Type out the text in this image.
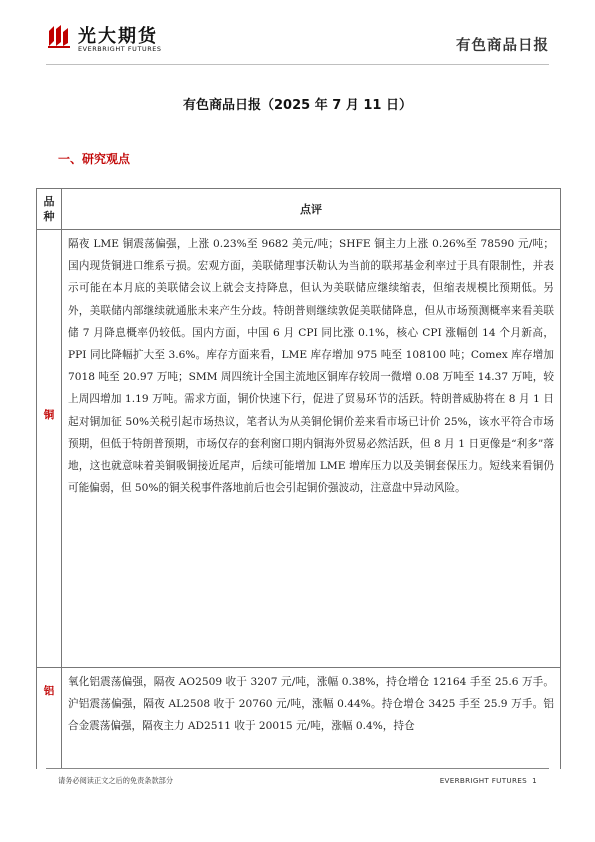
光大期货
EVERBRIGHT FUTURES	有色商品日报
有色商品日报（2025 年 7 月 11 日）
一、研究观点
品
种
点评
铜
隔夜 LME 铜震荡偏强，上涨 0.23%至 9682 美元/吨；SHFE 铜主力上涨 0.26%至 78590 元/吨；国内现货铜进口维系亏损。宏观方面，美联储理事沃勒认为当前的联邦基金利率过于具有限制性，并表示可能在本月底的美联储会议上就会支持降息，但认为美联储应继续缩表，但缩表规模比预期低。另外，美联储内部继续就通胀未来产生分歧。特朗普则继续敦促美联储降息，但从市场预测概率来看美联储 7 月降息概率仍较低。国内方面，中国 6 月 CPI 同比涨 0.1%，核心 CPI 涨幅创 14 个月新高，PPI 同比降幅扩大至 3.6%。库存方面来看，LME 库存增加 975 吨至 108100 吨；Comex 库存增加 7018 吨至 20.97 万吨；SMM 周四统计全国主流地区铜库存较周一微增 0.08 万吨至 14.37 万吨，较上周四增加 1.19 万吨。需求方面，铜价快速下行，促进了贸易环节的活跃。特朗普威胁将在 8 月 1 日起对铜加征 50%关税引起市场热议，笔者认为从美铜伦铜价差来看市场已计价 25%，该水平符合市场预期，但低于特朗普预期，市场仅存的套利窗口期内铜海外贸易必然活跃，但 8 月 1 日更像是“利多”落地，这也就意味着美铜吸铜接近尾声，后续可能增加 LME 增库压力以及美铜套保压力。短线来看铜仍可能偏弱，但 50%的铜关税事件落地前后也会引起铜价强波动，注意盘中异动风险。
铝
氧化铝震荡偏强，隔夜 AO2509 收于 3207 元/吨，涨幅 0.38%，持仓增仓 12164 手至 25.6 万手。沪铝震荡偏强，隔夜 AL2508 收于 20760 元/吨，涨幅 0.44%。持仓增仓 3425 手至 25.9 万手。铝合金震荡偏强，隔夜主力 AD2511 收于 20015 元/吨，涨幅 0.4%，持仓
请务必阅读正文之后的免责条款部分	EVERBRIGHT FUTURES 1
